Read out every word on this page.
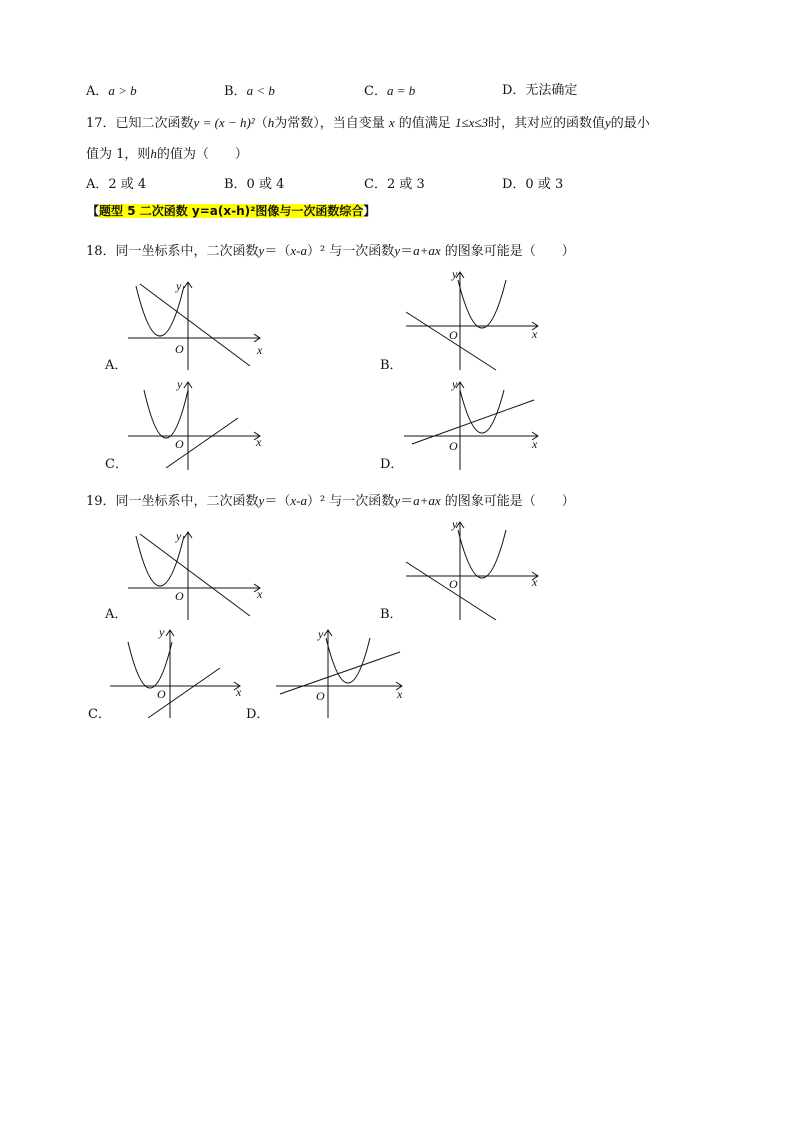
A．a > b	B．a < b	C．a = b	D．无法确定
17．已知二次函数y = (x − h)²（h为常数），当自变量 x 的值满足 1≤x≤3时，其对应的函数值y的最小
值为 1，则h的值为（　　）
A．2 或 4	B．0 或 4	C．2 或 3	D．0 或 3
【题型 5 二次函数 y=a(x-h)²图像与一次函数综合】
18．同一坐标系中，二次函数y＝（x-a）² 与一次函数y＝a+ax 的图象可能是（　　）
x
y
O
A．
x
y
O
B．
x
y
O
C．
x
y
O
D．
19．同一坐标系中，二次函数y＝（x-a）² 与一次函数y＝a+ax 的图象可能是（　　）
x
y
O
A．
x
y
O
B．
x
y
O
C．
x
y
O
D．
